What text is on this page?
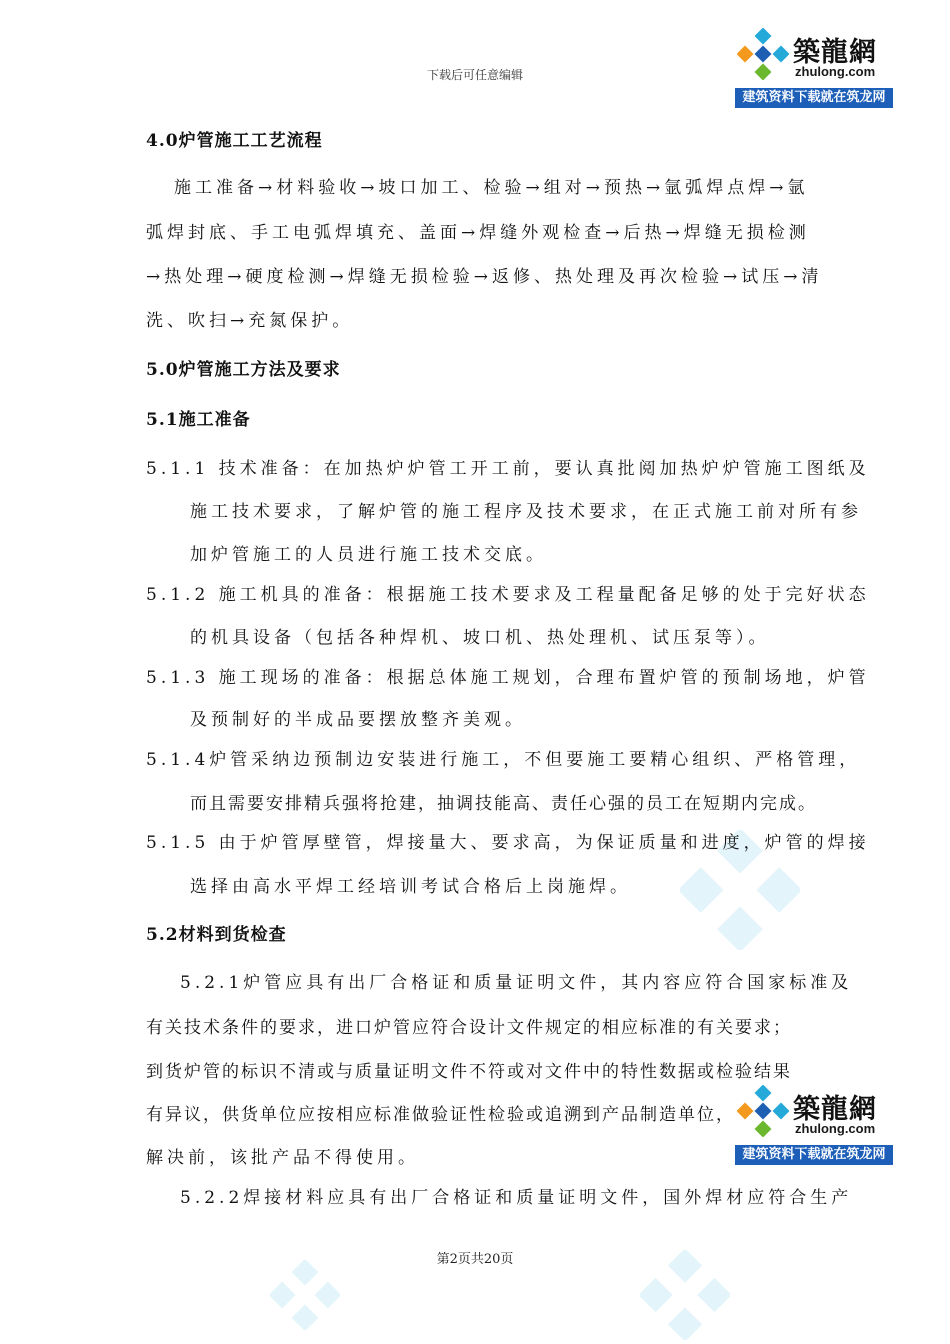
下载后可任意编辑
築龍網
zhulong.com
建筑资料下载就在筑龙网
4.0炉管施工工艺流程
施工准备→材料验收→坡口加工、检验→组对→预热→氩弧焊点焊→氩
弧焊封底、手工电弧焊填充、盖面→焊缝外观检查→后热→焊缝无损检测
→热处理→硬度检测→焊缝无损检验→返修、热处理及再次检验→试压→清
洗、吹扫→充氮保护。
5.0炉管施工方法及要求
5.1施工准备
5.1.1 技术准备：在加热炉炉管工开工前，要认真批阅加热炉炉管施工图纸及
施工技术要求，了解炉管的施工程序及技术要求，在正式施工前对所有参
加炉管施工的人员进行施工技术交底。
5.1.2 施工机具的准备：根据施工技术要求及工程量配备足够的处于完好状态
的机具设备（包括各种焊机、坡口机、热处理机、试压泵等）。
5.1.3 施工现场的准备：根据总体施工规划，合理布置炉管的预制场地，炉管
及预制好的半成品要摆放整齐美观。
5.1.4炉管采纳边预制边安装进行施工，不但要施工要精心组织、严格管理，
而且需要安排精兵强将抢建，抽调技能高、责任心强的员工在短期内完成。
5.1.5 由于炉管厚壁管，焊接量大、要求高，为保证质量和进度，炉管的焊接
选择由高水平焊工经培训考试合格后上岗施焊。
5.2材料到货检查
5.2.1炉管应具有出厂合格证和质量证明文件，其内容应符合国家标准及
有关技术条件的要求，进口炉管应符合设计文件规定的相应标准的有关要求；
到货炉管的标识不清或与质量证明文件不符或对文件中的特性数据或检验结果
有异议，供货单位应按相应标准做验证性检验或追溯到产品制造单位，
解决前，该批产品不得使用。
5.2.2焊接材料应具有出厂合格证和质量证明文件，国外焊材应符合生产
築龍網
zhulong.com
建筑资料下载就在筑龙网
第2页共20页
